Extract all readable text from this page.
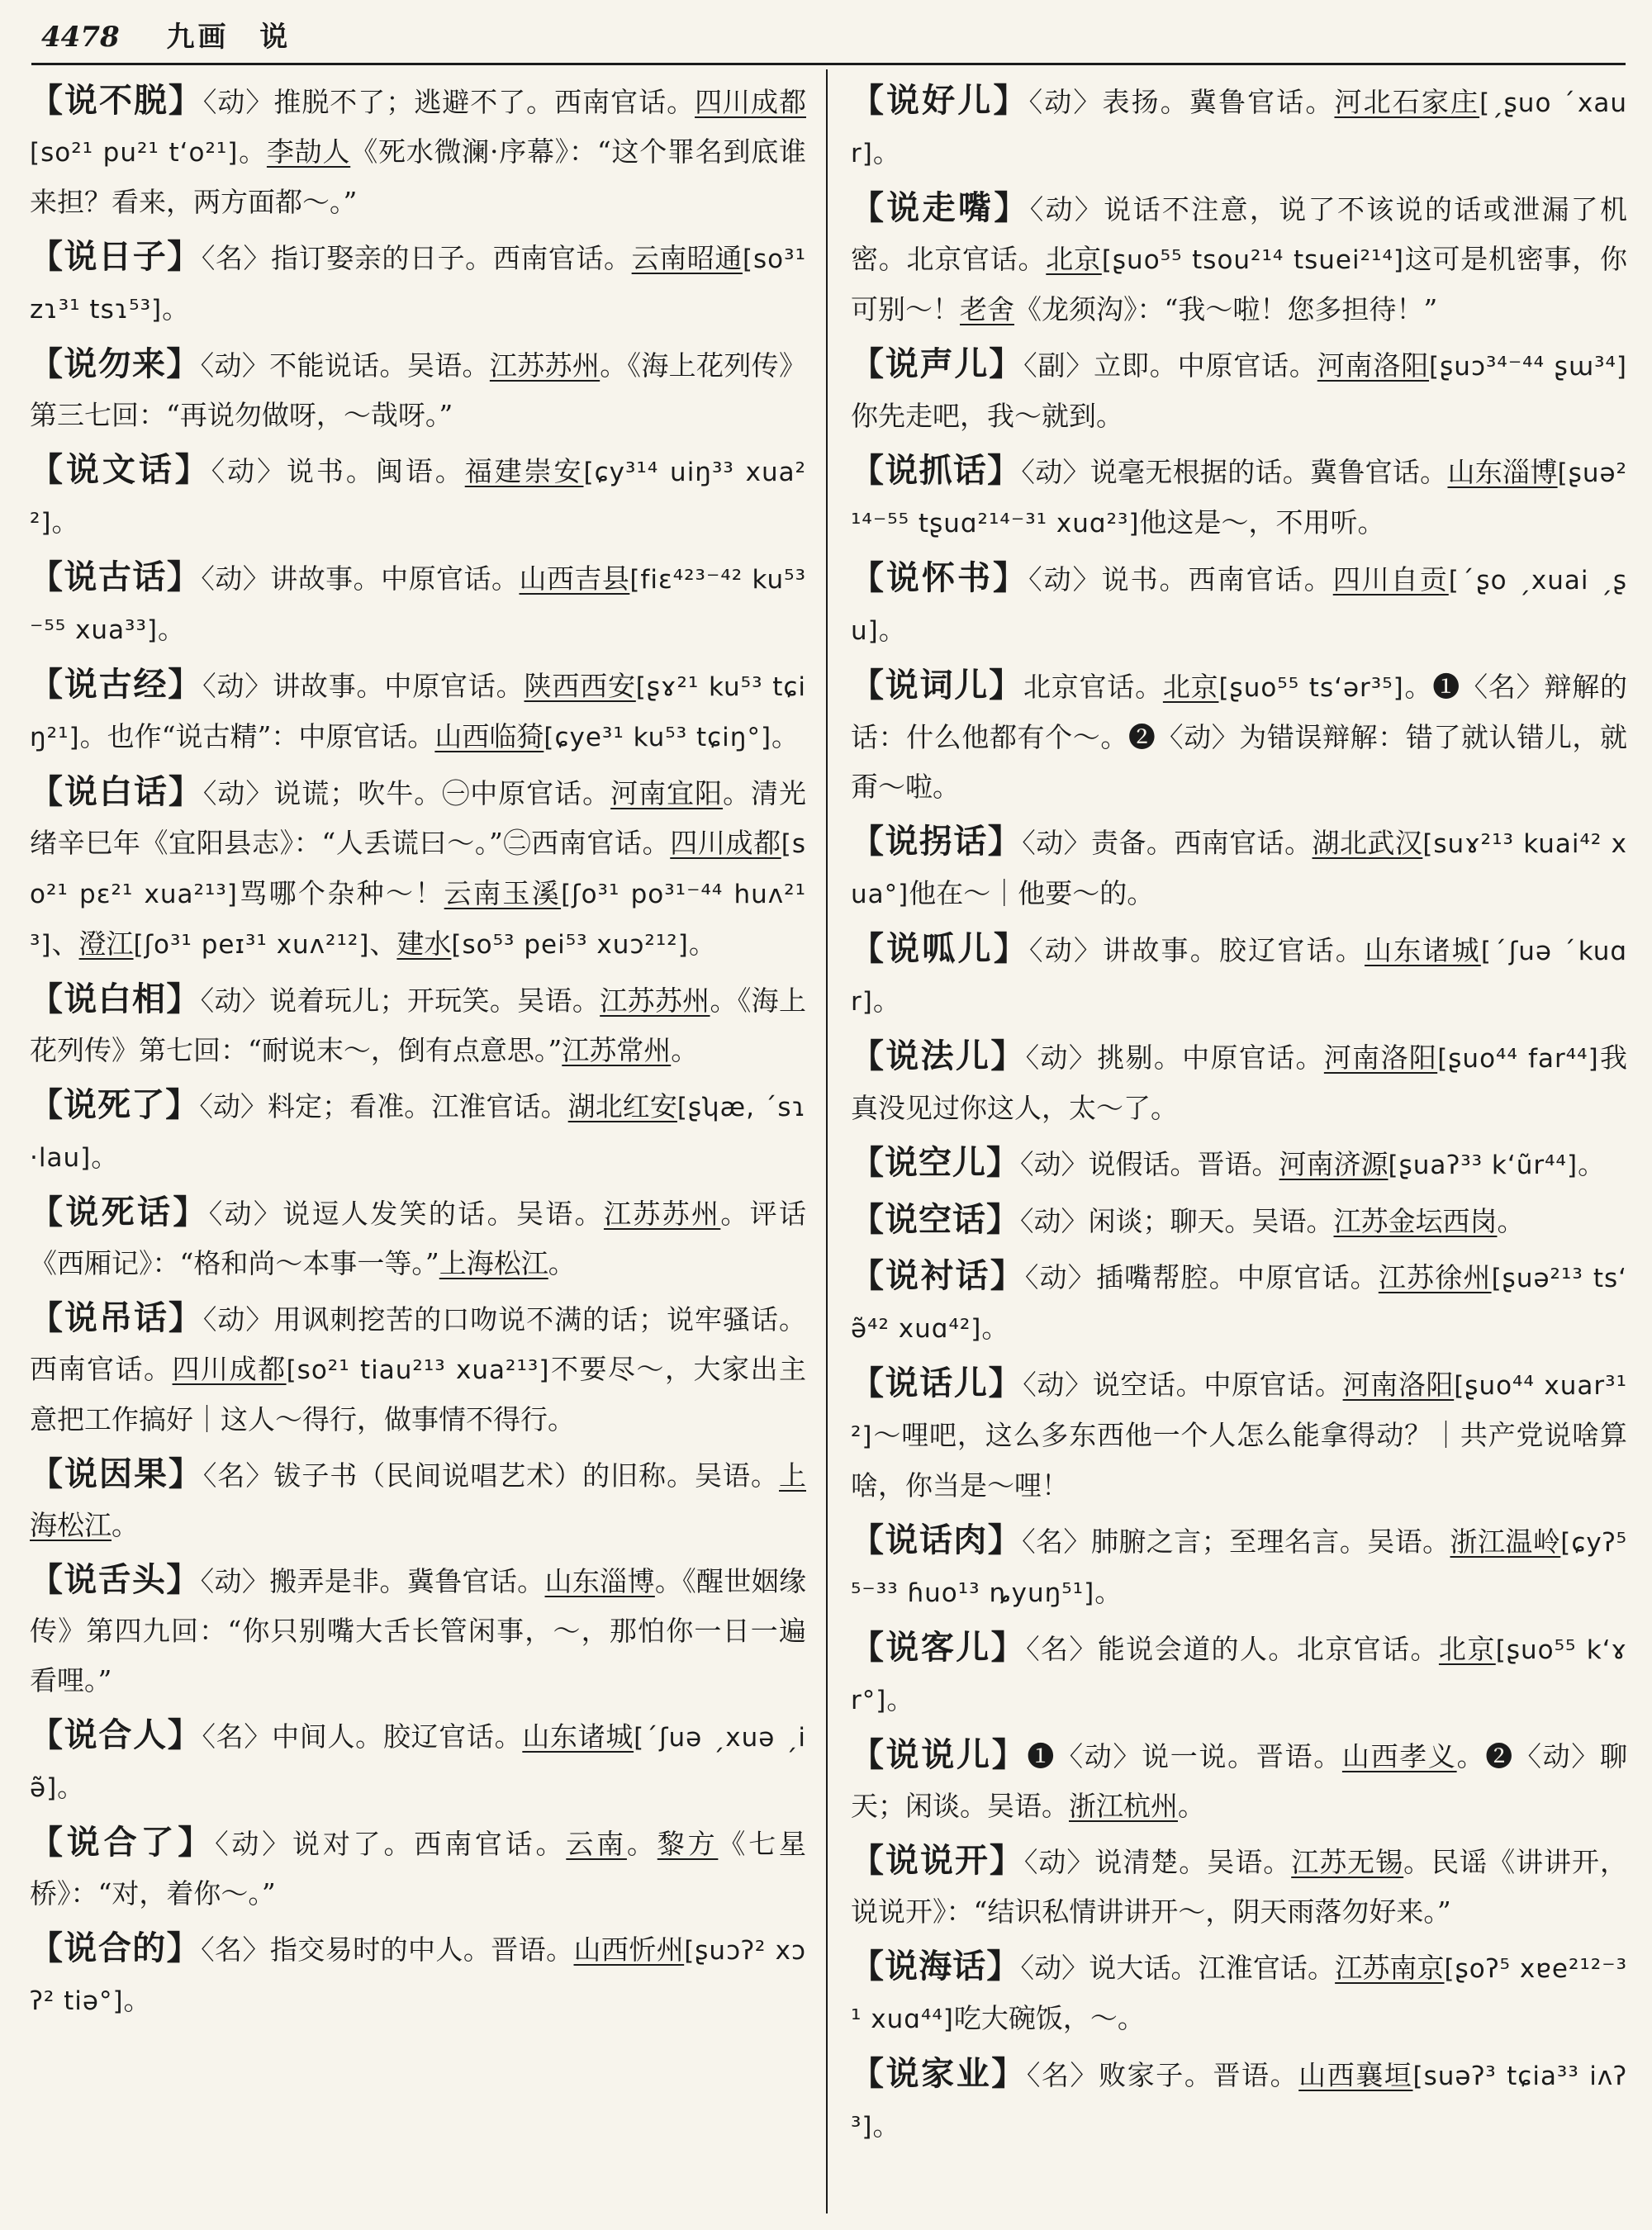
4478 九画 说
【说不脱】〈动〉推脱不了；逃避不了。西南官话。四川成都[so²¹ pu²¹ tʻo²¹]。李劼人《死水微澜·序幕》：“这个罪名到底谁来担？看来，两方面都～。”
【说日子】〈名〉指订娶亲的日子。西南官话。云南昭通[so³¹ zɿ³¹ tsɿ⁵³]。
【说勿来】〈动〉不能说话。吴语。江苏苏州。《海上花列传》第三七回：“再说勿做呀，～哉呀。”
【说文话】〈动〉说书。闽语。福建崇安[ɕy³¹⁴ uiŋ³³ xua²²]。
【说古话】〈动〉讲故事。中原官话。山西吉县[fiɛ⁴²³⁻⁴² ku⁵³⁻⁵⁵ xua³³]。
【说古经】〈动〉讲故事。中原官话。陕西西安[ʂɤ²¹ ku⁵³ tɕiŋ²¹]。也作“说古精”：中原官话。山西临猗[ɕye³¹ ku⁵³ tɕiŋ°]。
【说白话】〈动〉说谎；吹牛。㊀中原官话。河南宜阳。清光绪辛巳年《宜阳县志》：“人丢谎曰～。”㊁西南官话。四川成都[so²¹ pɛ²¹ xua²¹³]骂哪个杂种～！云南玉溪[ʃo³¹ po³¹⁻⁴⁴ huʌ²¹³]、澄江[ʃo³¹ peɪ³¹ xuʌ²¹²]、建水[so⁵³ pei⁵³ xuɔ²¹²]。
【说白相】〈动〉说着玩儿；开玩笑。吴语。江苏苏州。《海上花列传》第七回：“耐说末～，倒有点意思。”江苏常州。
【说死了】〈动〉料定；看准。江淮官话。湖北红安[ʂʮæ, ˊsɿ ·lau]。
【说死话】〈动〉说逗人发笑的话。吴语。江苏苏州。评话《西厢记》：“格和尚～本事一等。”上海松江。
【说吊话】〈动〉用讽刺挖苦的口吻说不满的话；说牢骚话。西南官话。四川成都[so²¹ tiau²¹³ xua²¹³]不要尽～，大家出主意把工作搞好｜这人～得行，做事情不得行。
【说因果】〈名〉钹子书（民间说唱艺术）的旧称。吴语。上海松江。
【说舌头】〈动〉搬弄是非。冀鲁官话。山东淄博。《醒世姻缘传》第四九回：“你只别嘴大舌长管闲事，～，那怕你一日一遍看哩。”
【说合人】〈名〉中间人。胶辽官话。山东诸城[ˊʃuə ˏxuə ˏiə̃]。
【说合了】〈动〉说对了。西南官话。云南。黎方《七星桥》：“对，着你～。”
【说合的】〈名〉指交易时的中人。晋语。山西忻州[ʂuɔʔ² xɔʔ² tiə°]。
【说好儿】〈动〉表扬。冀鲁官话。河北石家庄[ˏʂuo ˊxaur]。
【说走嘴】〈动〉说话不注意，说了不该说的话或泄漏了机密。北京官话。北京[ʂuo⁵⁵ tsou²¹⁴ tsuei²¹⁴]这可是机密事，你可别～！老舍《龙须沟》：“我～啦！您多担待！”
【说声儿】〈副〉立即。中原官话。河南洛阳[ʂuɔ³⁴⁻⁴⁴ ʂɯ³⁴]你先走吧，我～就到。
【说抓话】〈动〉说毫无根据的话。冀鲁官话。山东淄博[ʂuə²¹⁴⁻⁵⁵ tʂuɑ²¹⁴⁻³¹ xuɑ²³]他这是～，不用听。
【说怀书】〈动〉说书。西南官话。四川自贡[ˊʂo ˏxuai ˏʂu]。
【说词儿】北京官话。北京[ʂuo⁵⁵ tsʻər³⁵]。❶〈名〉辩解的话：什么他都有个～。❷〈动〉为错误辩解：错了就认错儿，就甭～啦。
【说拐话】〈动〉责备。西南官话。湖北武汉[suɤ²¹³ kuai⁴² xua°]他在～｜他要～的。
【说呱儿】〈动〉讲故事。胶辽官话。山东诸城[ˊʃuə ˊkuɑr]。
【说法儿】〈动〉挑剔。中原官话。河南洛阳[ʂuo⁴⁴ far⁴⁴]我真没见过你这人，太～了。
【说空儿】〈动〉说假话。晋语。河南济源[ʂuaʔ³³ kʻũr⁴⁴]。
【说空话】〈动〉闲谈；聊天。吴语。江苏金坛西岗。
【说衬话】〈动〉插嘴帮腔。中原官话。江苏徐州[ʂuə²¹³ tsʻə̃⁴² xuɑ⁴²]。
【说话儿】〈动〉说空话。中原官话。河南洛阳[ʂuo⁴⁴ xuar³¹²]～哩吧，这么多东西他一个人怎么能拿得动？｜共产党说啥算啥，你当是～哩！
【说话肉】〈名〉肺腑之言；至理名言。吴语。浙江温岭[ɕyʔ⁵⁵⁻³³ ɦuo¹³ ȵyuŋ⁵¹]。
【说客儿】〈名〉能说会道的人。北京官话。北京[ʂuo⁵⁵ kʻɤr°]。
【说说儿】❶〈动〉说一说。晋语。山西孝义。❷〈动〉聊天；闲谈。吴语。浙江杭州。
【说说开】〈动〉说清楚。吴语。江苏无锡。民谣《讲讲开，说说开》：“结识私情讲讲开～，阴天雨落勿好来。”
【说海话】〈动〉说大话。江淮官话。江苏南京[ʂoʔ⁵ xɐe²¹²⁻³¹ xuɑ⁴⁴]吃大碗饭，～。
【说家业】〈名〉败家子。晋语。山西襄垣[suəʔ³ tɕia³³ iʌʔ³]。
